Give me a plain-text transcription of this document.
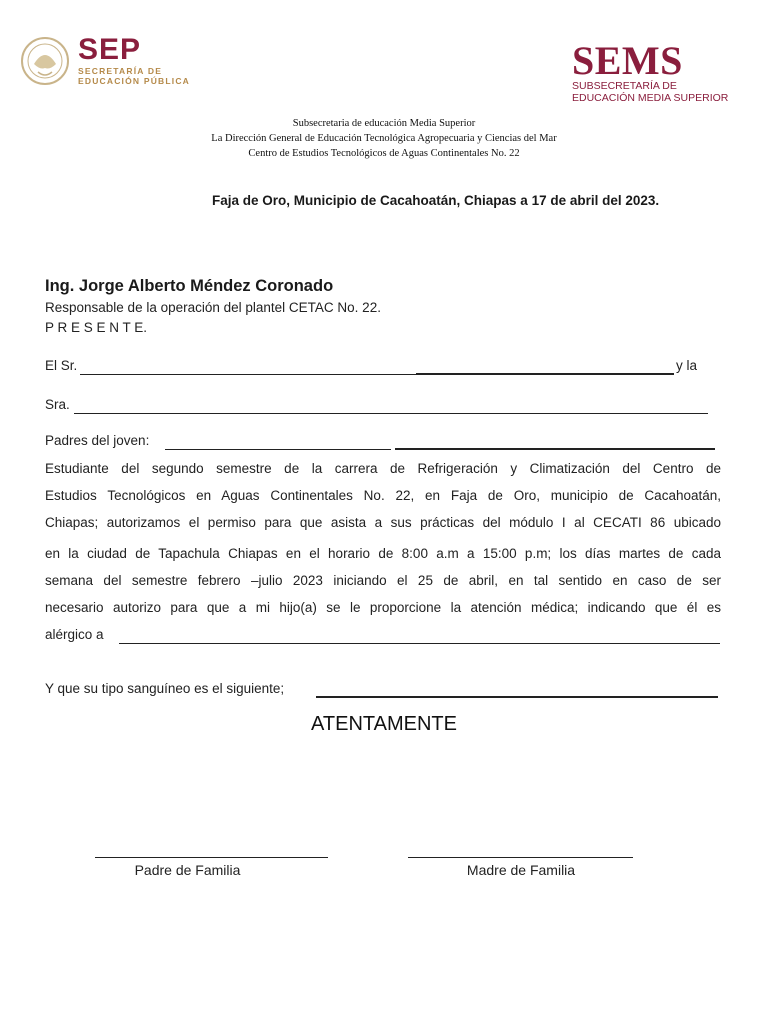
SEP
SECRETARÍA DE
EDUCACIÓN PÚBLICA	SEMS
SUBSECRETARÍA DE
EDUCACIÓN MEDIA SUPERIOR
Subsecretaria de educación Media Superior
La Dirección General de Educación Tecnológica Agropecuaria y Ciencias del Mar
Centro de Estudios Tecnológicos de Aguas Continentales No. 22
Faja de Oro, Municipio de Cacahoatán, Chiapas a 17 de abril del 2023.
Ing. Jorge Alberto Méndez Coronado
Responsable de la operación del plantel CETAC No. 22.
P R E S E N T E.
El Sr.	y la
Sra.
Padres del joven:
Estudiante del segundo semestre de la carrera de Refrigeración y Climatización del Centro de
Estudios Tecnológicos en Aguas Continentales No. 22, en Faja de Oro, municipio de Cacahoatán,
Chiapas; autorizamos el permiso para que asista a sus prácticas del módulo I al CECATI 86 ubicado
en la ciudad de Tapachula Chiapas en el horario de 8:00 a.m a 15:00 p.m; los días martes de cada
semana del semestre febrero –julio 2023 iniciando el 25 de abril, en tal sentido en caso de ser
necesario autorizo para que a mi hijo(a) se le proporcione la atención médica; indicando que él es
alérgico a
Y que su tipo sanguíneo es el siguiente;
ATENTAMENTE
Padre de Familia	Madre de Familia
